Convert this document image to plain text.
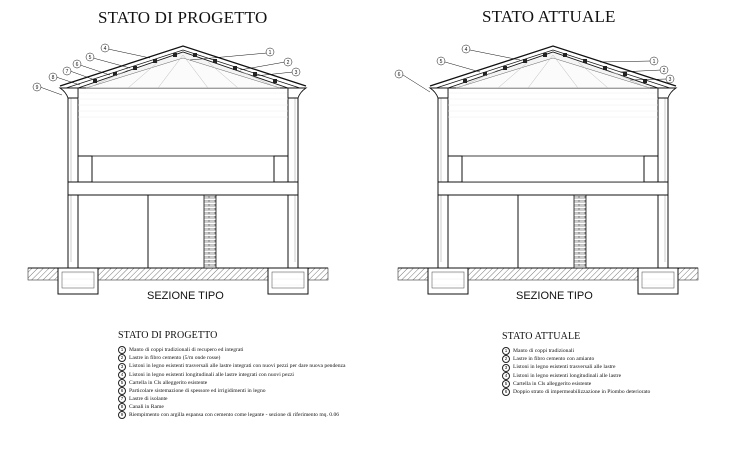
STATO DI PROGETTO	STATO ATTUALE
1
2
3
4
5
6
7
8
9
1
2
3
4
5
6
SEZIONE TIPO	SEZIONE TIPO
STATO DI PROGETTO
1	Manto di coppi tradizionali di recupero ed integrati
2	Lastre in fibro cemento (5/m onde rosse)
3	Listoni in legno esistenti trasversali alle lastre integrati con nuovi pezzi per dare nuova pendenza
4	Listoni in legno esistenti longitudinali alle lastre integrati con nuovi pezzi
5	Cartella in Cls alleggerito esistente
6	Particolare sistemazione di spessore ed irrigidimenti in legno
7	Lastre di isolante
8	Canali in Rame
9	Riempimento con argilla espansa con cemento come legante - sezione di riferimento mq. 0.06
STATO ATTUALE
1	Manto di coppi tradizionali
2	Lastre in fibro cemento con amianto
3	Listoni in legno esistenti trasversali alle lastre
4	Listoni in legno esistenti longitudinali alle lastre
5	Cartella in Cls alleggerito esistente
6	Doppio strato di impermeabilizzazione in Piombo deteriorato
